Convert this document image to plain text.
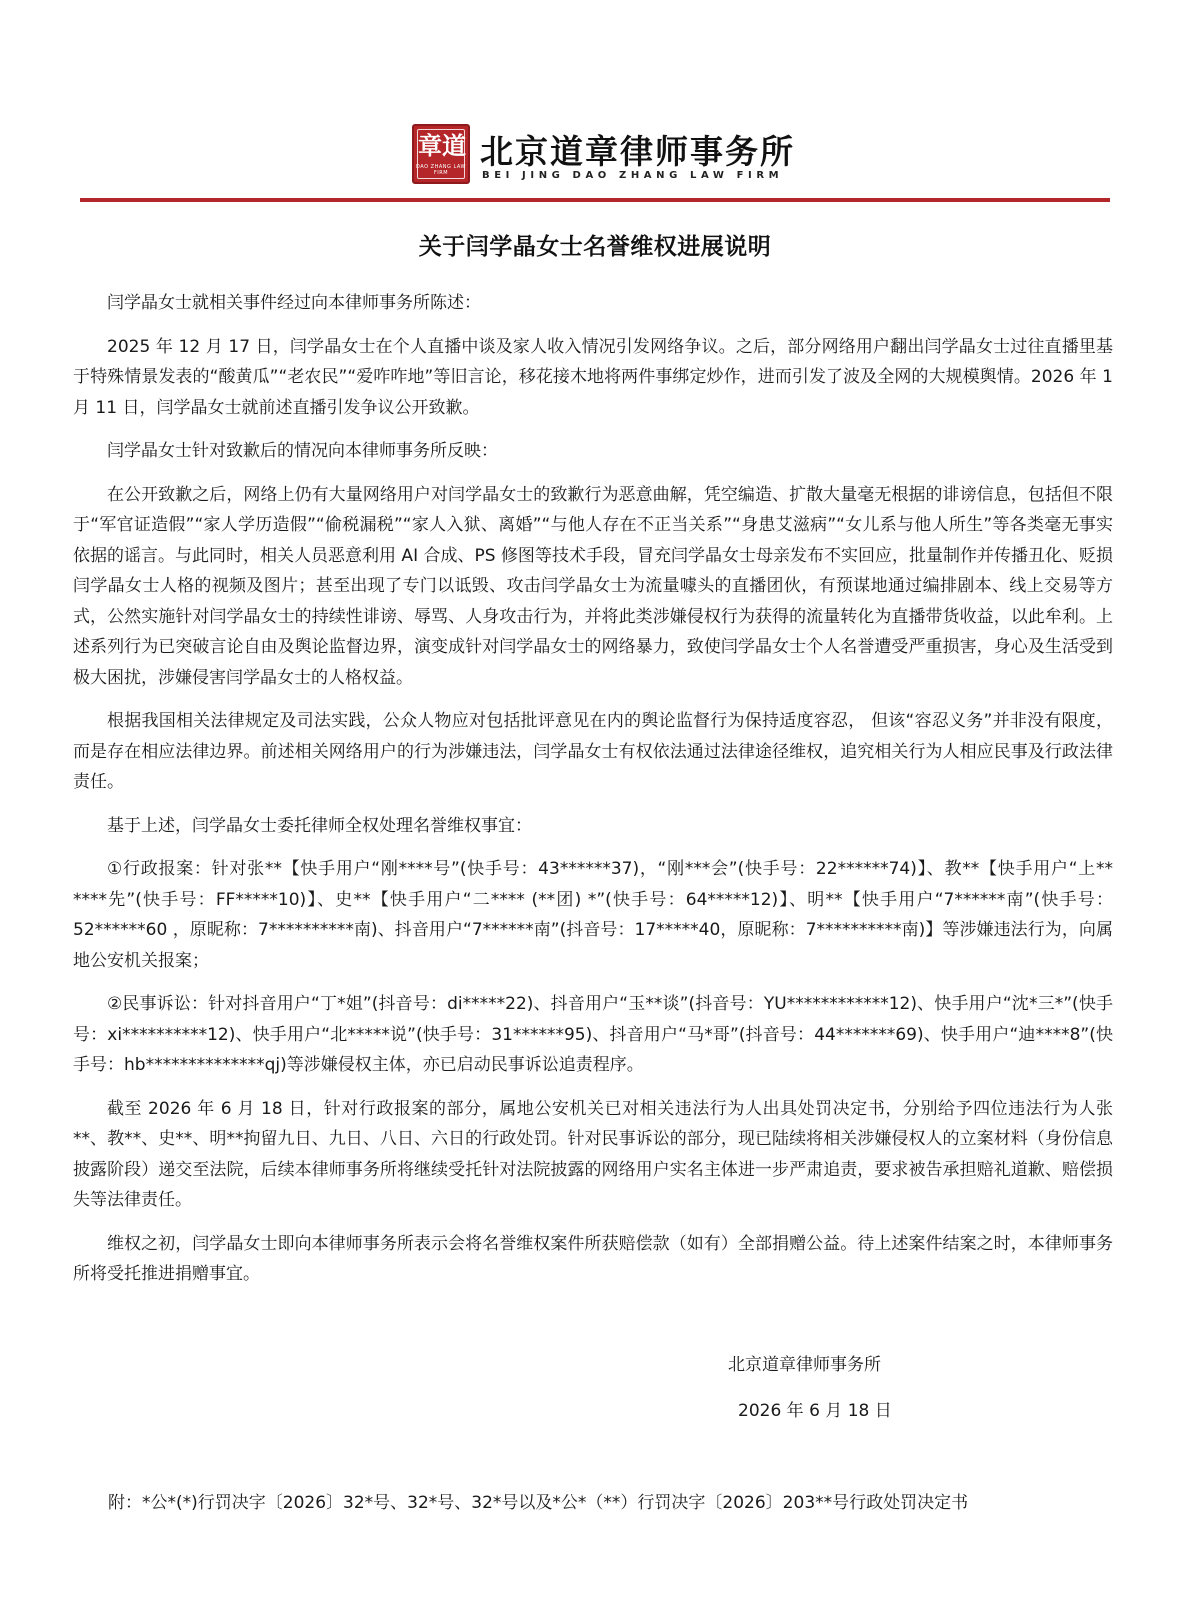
章 道
DAO ZHANG LAW FIRM
北京道章律师事务所
BEI JING DAO ZHANG LAW FIRM
关于闫学晶女士名誉维权进展说明

闫学晶女士就相关事件经过向本律师事务所陈述：

2025 年 12 月 17 日，闫学晶女士在个人直播中谈及家人收入情况引发网络争议。之后，部分网络用户翻出闫学晶女士过往直播里基于特殊情景发表的“酸黄瓜”“老农民”“爱咋咋地”等旧言论，移花接木地将两件事绑定炒作，进而引发了波及全网的大规模舆情。2026 年 1 月 11 日，闫学晶女士就前述直播引发争议公开致歉。

闫学晶女士针对致歉后的情况向本律师事务所反映：

在公开致歉之后，网络上仍有大量网络用户对闫学晶女士的致歉行为恶意曲解，凭空编造、扩散大量毫无根据的诽谤信息，包括但不限于“军官证造假”“家人学历造假”“偷税漏税”“家人入狱、离婚”“与他人存在不正当关系”“身患艾滋病”“女儿系与他人所生”等各类毫无事实依据的谣言。与此同时，相关人员恶意利用 AI 合成、PS 修图等技术手段，冒充闫学晶女士母亲发布不实回应，批量制作并传播丑化、贬损闫学晶女士人格的视频及图片；甚至出现了专门以诋毁、攻击闫学晶女士为流量噱头的直播团伙，有预谋地通过编排剧本、线上交易等方式，公然实施针对闫学晶女士的持续性诽谤、辱骂、人身攻击行为，并将此类涉嫌侵权行为获得的流量转化为直播带货收益，以此牟利。上述系列行为已突破言论自由及舆论监督边界，演变成针对闫学晶女士的网络暴力，致使闫学晶女士个人名誉遭受严重损害，身心及生活受到极大困扰，涉嫌侵害闫学晶女士的人格权益。

根据我国相关法律规定及司法实践，公众人物应对包括批评意见在内的舆论监督行为保持适度容忍， 但该“容忍义务”并非没有限度，而是存在相应法律边界。前述相关网络用户的行为涉嫌违法，闫学晶女士有权依法通过法律途径维权，追究相关行为人相应民事及行政法律责任。

基于上述，闫学晶女士委托律师全权处理名誉维权事宜：

①行政报案：针对张**【快手用户“刚****号”(快手号：43******37)，“刚***会”(快手号：22******74)】、教**【快手用户“上** ****先”(快手号：FF*****10)】、史**【快手用户“二**** (**团) *”(快手号：64*****12)】、明**【快手用户“7******南”(快手号：52******60 ，原昵称：7**********南)、抖音用户“7******南”(抖音号：17*****40，原昵称：7**********南)】等涉嫌违法行为，向属地公安机关报案；

②民事诉讼：针对抖音用户“丁*姐”(抖音号：di*****22)、抖音用户“玉**谈”(抖音号：YU************12)、快手用户“沈*三*”(快手号：xi**********12)、快手用户“北*****说”(快手号：31******95)、抖音用户“马*哥”(抖音号：44*******69)、快手用户“迪****8”(快手号：hb**************qj)等涉嫌侵权主体，亦已启动民事诉讼追责程序。

截至 2026 年 6 月 18 日，针对行政报案的部分，属地公安机关已对相关违法行为人出具处罚决定书，分别给予四位违法行为人张**、教**、史**、明**拘留九日、九日、八日、六日的行政处罚。针对民事诉讼的部分，现已陆续将相关涉嫌侵权人的立案材料（身份信息披露阶段）递交至法院，后续本律师事务所将继续受托针对法院披露的网络用户实名主体进一步严肃追责，要求被告承担赔礼道歉、赔偿损失等法律责任。

维权之初，闫学晶女士即向本律师事务所表示会将名誉维权案件所获赔偿款（如有）全部捐赠公益。待上述案件结案之时，本律师事务所将受托推进捐赠事宜。

北京道章律师事务所
2026 年 6 月 18 日
附：*公*(*)行罚决字〔2026〕32*号、32*号、32*号以及*公*（**）行罚决字〔2026〕203**号行政处罚决定书
